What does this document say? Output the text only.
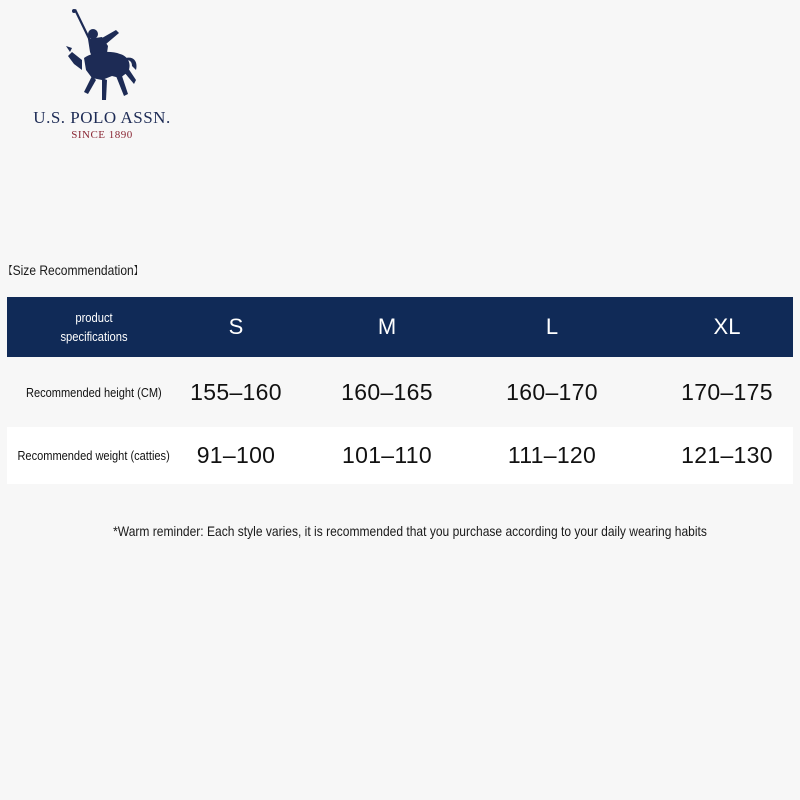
U.S. POLO ASSN.
SINCE 1890
【Size Recommendation】
product
specifications	S	M	L	XL
Recommended height (CM) 155–160	160–165	160–170	170–175
Recommended weight (catties) 91–100	101–110	111–120	121–130
*Warm reminder: Each style varies, it is recommended that you purchase according to your daily wearing habits
